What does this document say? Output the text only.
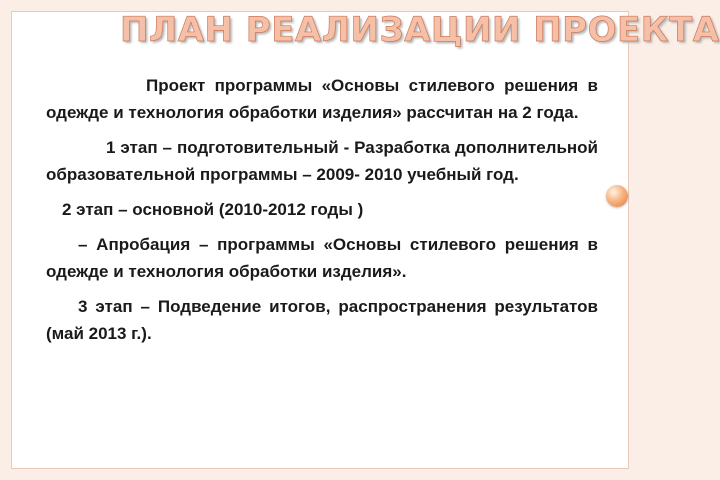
ПЛАН РЕАЛИЗАЦИИ ПРОЕКТА

Проект программы «Основы стилевого решения в одежде и технология обработки изделия» рассчитан на 2 года.

1 этап – подготовительный - Разработка дополнительной образовательной программы – 2009- 2010 учебный год.

2 этап – основной (2010-2012 годы )

– Апробация – программы «Основы стилевого решения в одежде и технология обработки изделия».

3 этап – Подведение итогов, распространения результатов (май 2013 г.).
